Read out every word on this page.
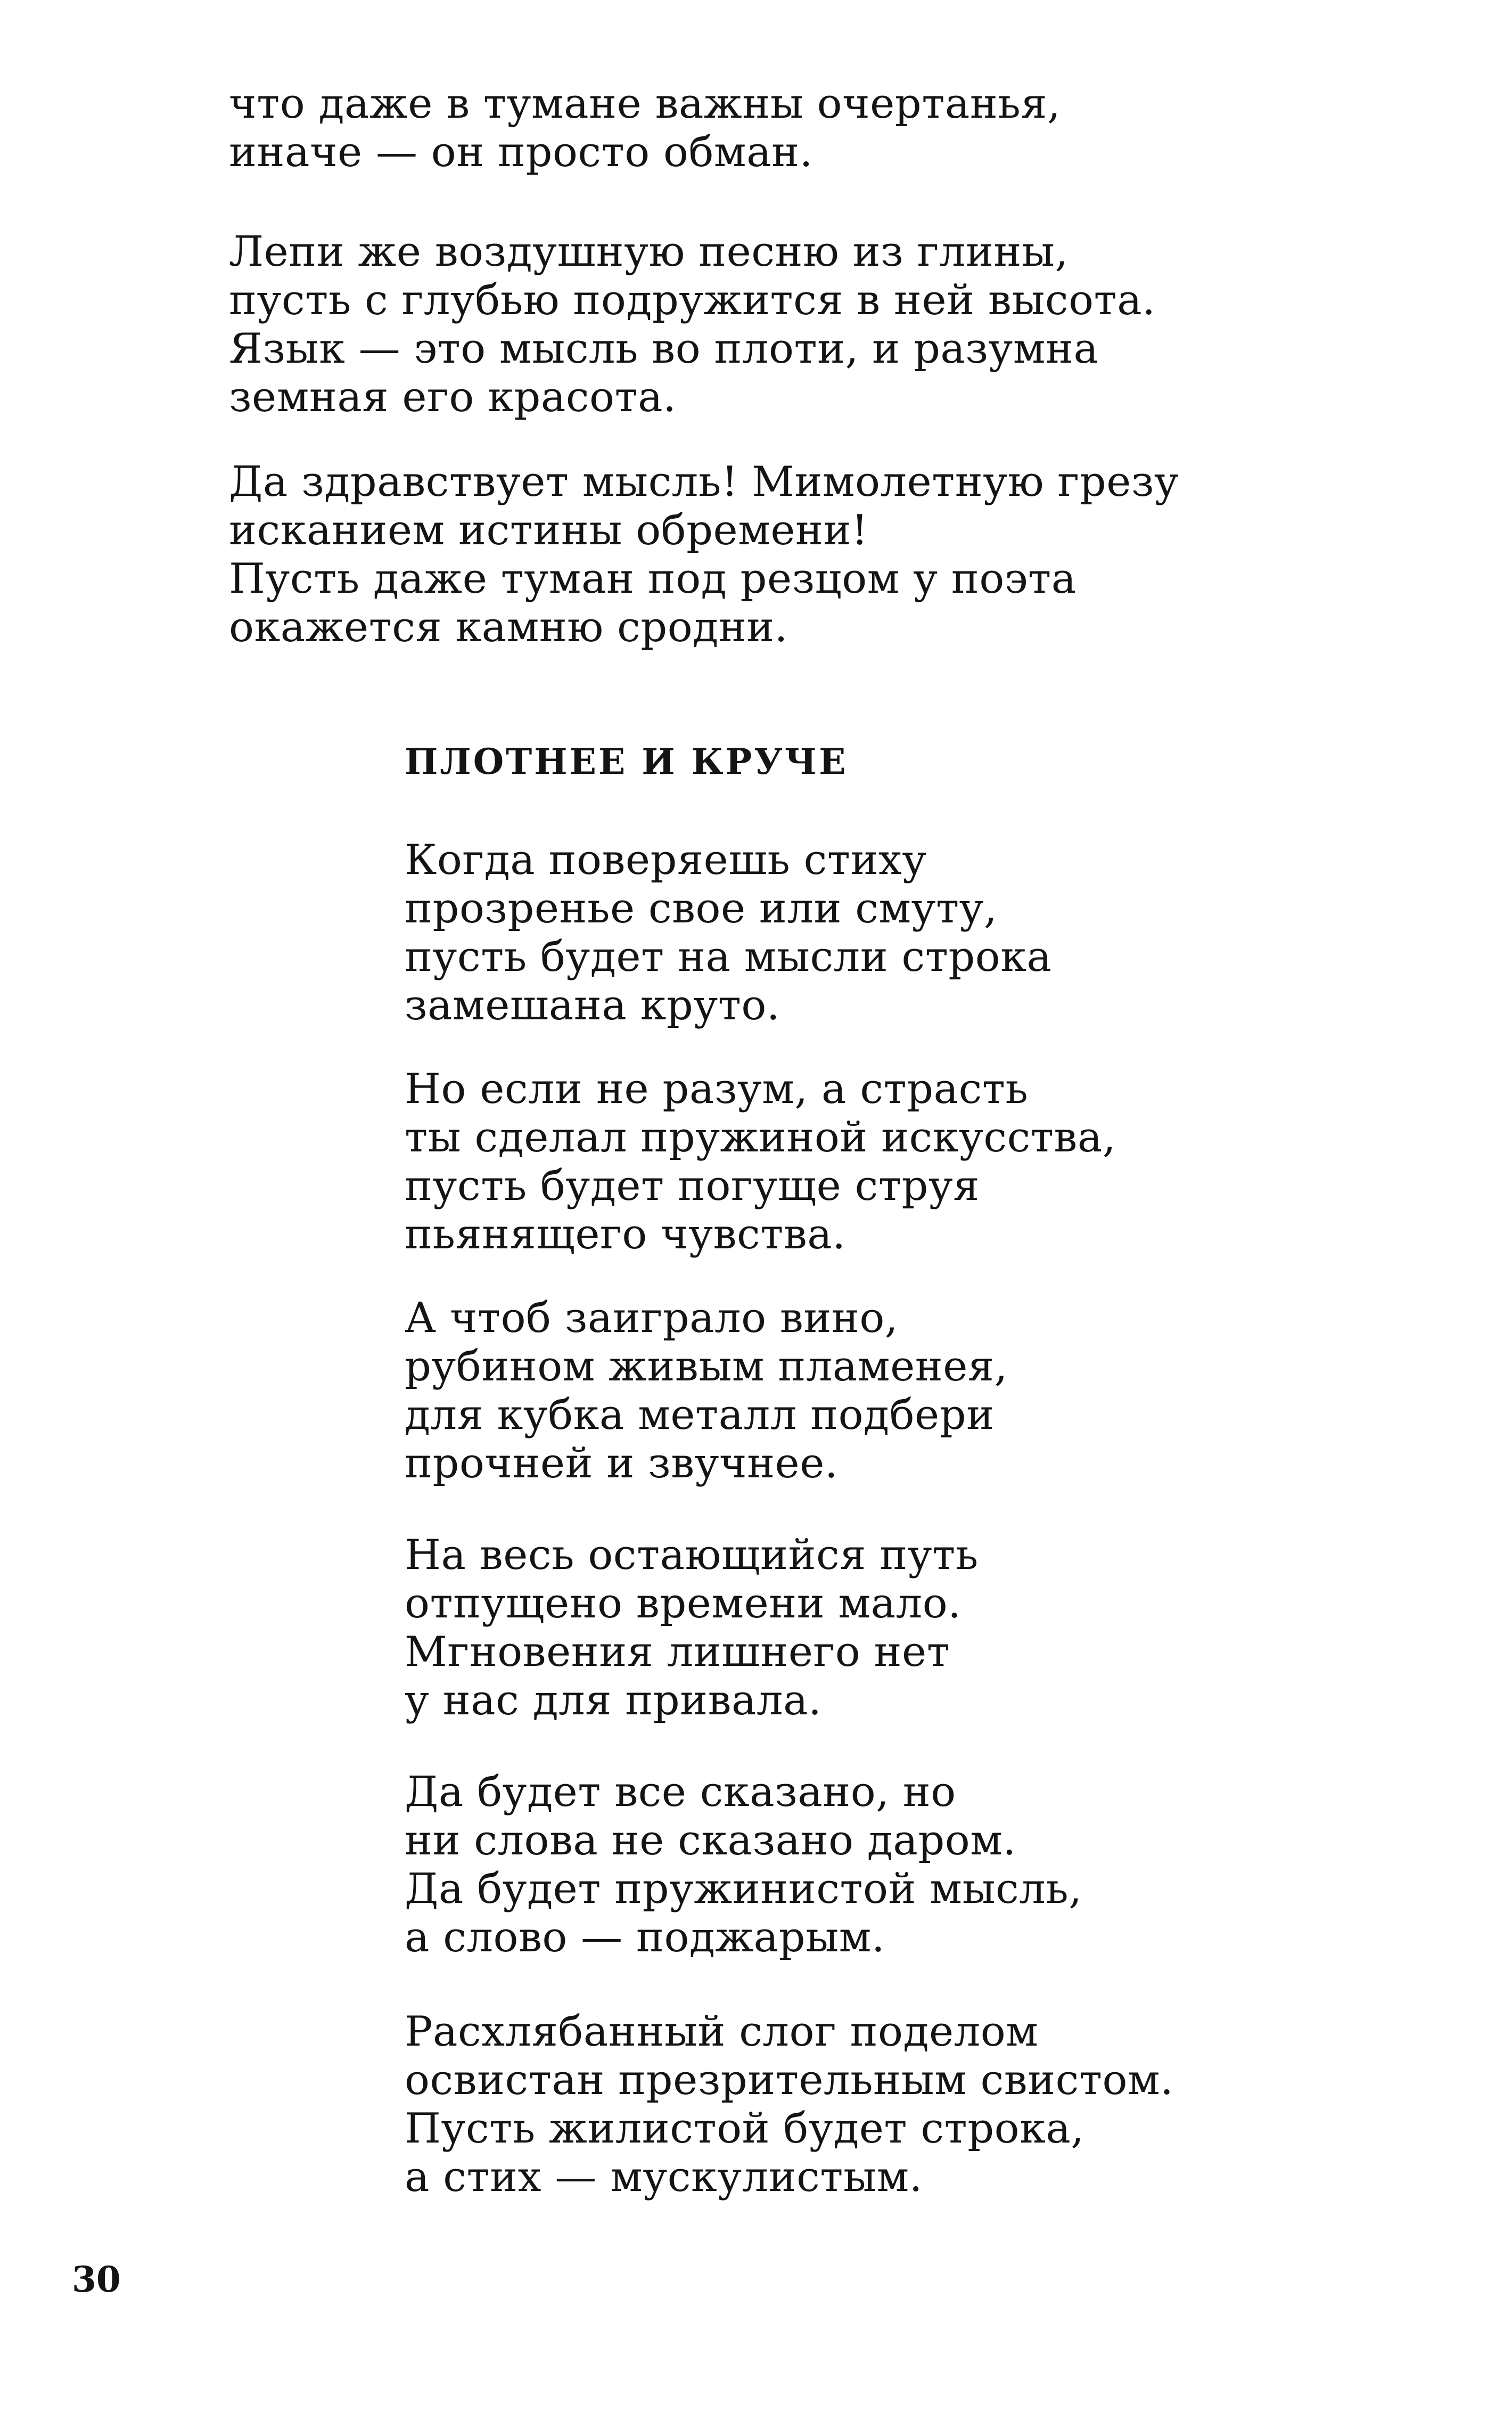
что даже в тумане важны очертанья,
иначе — он просто обман.
Лепи же воздушную песню из глины,
пусть с глубью подружится в ней высота.
Язык — это мысль во плоти, и разумна
земная его красота.
Да здравствует мысль! Мимолетную грезу
исканием истины обремени!
Пусть даже туман под резцом у поэта
окажется камню сродни.
ПЛОТНЕЕ И КРУЧЕ
Когда поверяешь стиху
прозренье свое или смуту,
пусть будет на мысли строка
замешана круто.
Но если не разум, а страсть
ты сделал пружиной искусства,
пусть будет погуще струя
пьянящего чувства.
А чтоб заиграло вино,
рубином живым пламенея,
для кубка металл подбери
прочней и звучнее.
На весь остающийся путь
отпущено времени мало.
Мгновения лишнего нет
у нас для привала.
Да будет все сказано, но
ни слова не сказано даром.
Да будет пружинистой мысль,
а слово — поджарым.
Расхлябанный слог поделом
освистан презрительным свистом.
Пусть жилистой будет строка,
а стих — мускулистым.
30
